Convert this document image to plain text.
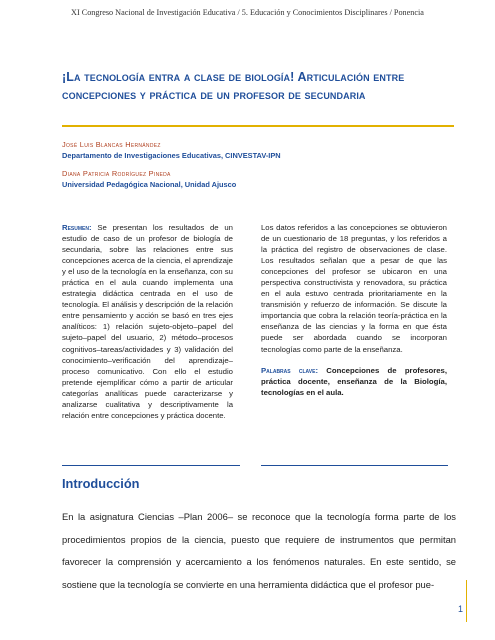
XI Congreso Nacional de Investigación Educativa / 5. Educación y Conocimientos Disciplinares / Ponencia
¡La tecnología entra a clase de biología! Articulación entre concepciones y práctica de un profesor de secundaria
José Luis Blancas Hernández
Departamento de Investigaciones Educativas, CINVESTAV-IPN
Diana Patricia Rodríguez Pineda
Universidad Pedagógica Nacional, Unidad Ajusco

Resumen: Se presentan los resultados de un estudio de caso de un profesor de biología de secundaria, sobre las relaciones entre sus concepciones acerca de la ciencia, el aprendizaje y el uso de la tecnología en la enseñanza, con su práctica en el aula cuando implementa una estrategia didáctica centrada en el uso de tecnología. El análisis y descripción de la relación entre pensamiento y acción se basó en tres ejes analíticos: 1) relación sujeto-objeto–papel del sujeto–papel del usuario, 2) método–procesos cognitivos–tareas/actividades y 3) validación del conocimiento–verificación del aprendizaje–proceso comunicativo. Con ello el estudio pretende ejemplificar cómo a partir de articular categorías analíticas puede caracterizarse y analizarse cualitativa y descriptivamente la relación entre concepciones y práctica docente.

Los datos referidos a las concepciones se obtuvieron de un cuestionario de 18 preguntas, y los referidos a la práctica del registro de observaciones de clase. Los resultados señalan que a pesar de que las concepciones del profesor se ubicaron en una perspectiva constructivista y renovadora, su práctica en el aula estuvo centrada prioritariamente en la transmisión y refuerzo de información. Se discute la importancia que cobra la relación teoría-práctica en la enseñanza de las ciencias y la forma en que ésta puede ser abordada cuando se incorporan tecnologías como parte de la enseñanza.

Palabras clave: Concepciones de profesores, práctica docente, enseñanza de la Biología, tecnologías en el aula.

Introducción

En la asignatura Ciencias –Plan 2006– se reconoce que la tecnología forma parte de los procedimientos propios de la ciencia, puesto que requiere de instrumentos que permitan favorecer la comprensión y acercamiento a los fenómenos naturales. En este sentido, se sostiene que la tecnología se convierte en una herramienta didáctica que el profesor pue-

1
